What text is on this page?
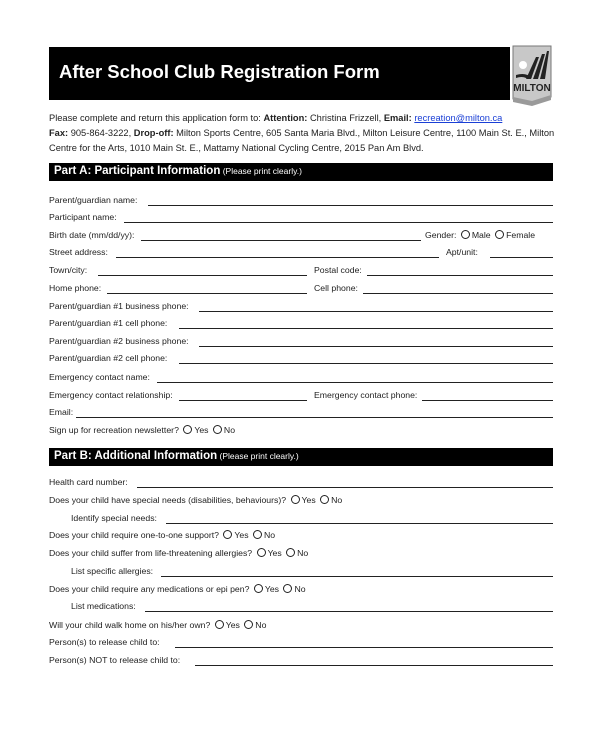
After School Club Registration Form
MILTON
Please complete and return this application form to: Attention: Christina Frizzell, Email: recreation@milton.ca
Fax: 905-864-3222, Drop-off: Milton Sports Centre, 605 Santa Maria Blvd., Milton Leisure Centre, 1100 Main St. E., Milton Centre for the Arts, 1010 Main St. E., Mattamy National Cycling Centre, 2015 Pan Am Blvd.
Part A: Participant Information (Please print clearly.)
Parent/guardian name:
Participant name:
Birth date (mm/dd/yy):	Gender: Male Female
Street address:	Apt/unit:
Town/city:	Postal code:
Home phone:	Cell phone:
Parent/guardian #1 business phone:
Parent/guardian #1 cell phone:
Parent/guardian #2 business phone:
Parent/guardian #2 cell phone:
Emergency contact name:
Emergency contact relationship:	Emergency contact phone:
Email:
Sign up for recreation newsletter? Yes No
Part B: Additional Information (Please print clearly.)
Health card number:
Does your child have special needs (disabilities, behaviours)? Yes No
Identify special needs:
Does your child require one-to-one support? Yes No
Does your child suffer from life-threatening allergies? Yes No
List specific allergies:
Does your child require any medications or epi pen? Yes No
List medications:
Will your child walk home on his/her own? Yes No
Person(s) to release child to:
Person(s) NOT to release child to:
